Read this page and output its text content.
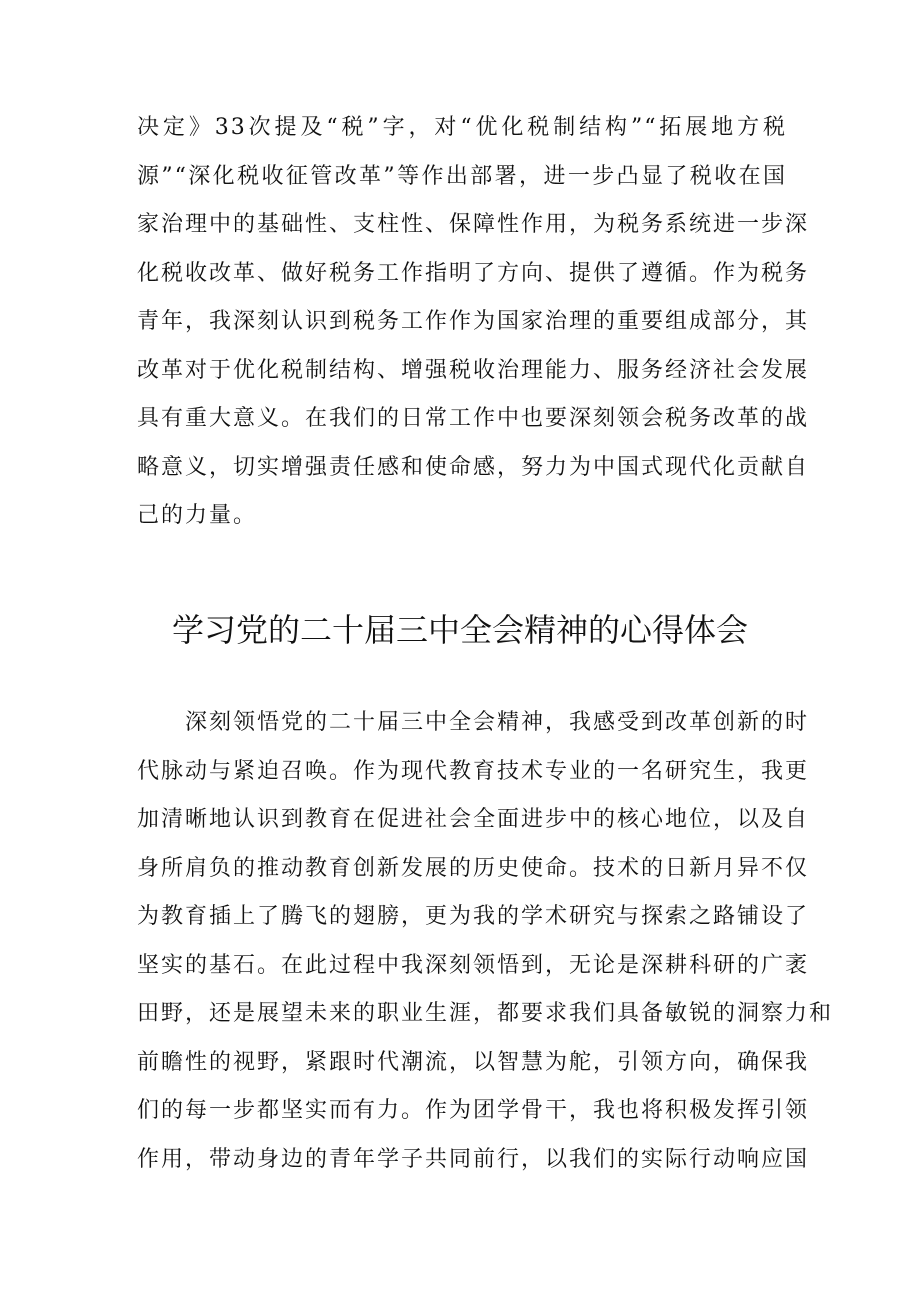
决定》33次提及“税”字，对“优化税制结构”“拓展地方税
源”“深化税收征管改革”等作出部署，进一步凸显了税收在国
家治理中的基础性、支柱性、保障性作用，为税务系统进一步深
化税收改革、做好税务工作指明了方向、提供了遵循。作为税务
青年，我深刻认识到税务工作作为国家治理的重要组成部分，其
改革对于优化税制结构、增强税收治理能力、服务经济社会发展
具有重大意义。在我们的日常工作中也要深刻领会税务改革的战
略意义，切实增强责任感和使命感，努力为中国式现代化贡献自
己的力量。
学习党的二十届三中全会精神的心得体会
深刻领悟党的二十届三中全会精神，我感受到改革创新的时
代脉动与紧迫召唤。作为现代教育技术专业的一名研究生，我更
加清晰地认识到教育在促进社会全面进步中的核心地位，以及自
身所肩负的推动教育创新发展的历史使命。技术的日新月异不仅
为教育插上了腾飞的翅膀，更为我的学术研究与探索之路铺设了
坚实的基石。在此过程中我深刻领悟到，无论是深耕科研的广袤
田野，还是展望未来的职业生涯，都要求我们具备敏锐的洞察力和
前瞻性的视野，紧跟时代潮流，以智慧为舵，引领方向，确保我
们的每一步都坚实而有力。作为团学骨干，我也将积极发挥引领
作用，带动身边的青年学子共同前行，以我们的实际行动响应国
